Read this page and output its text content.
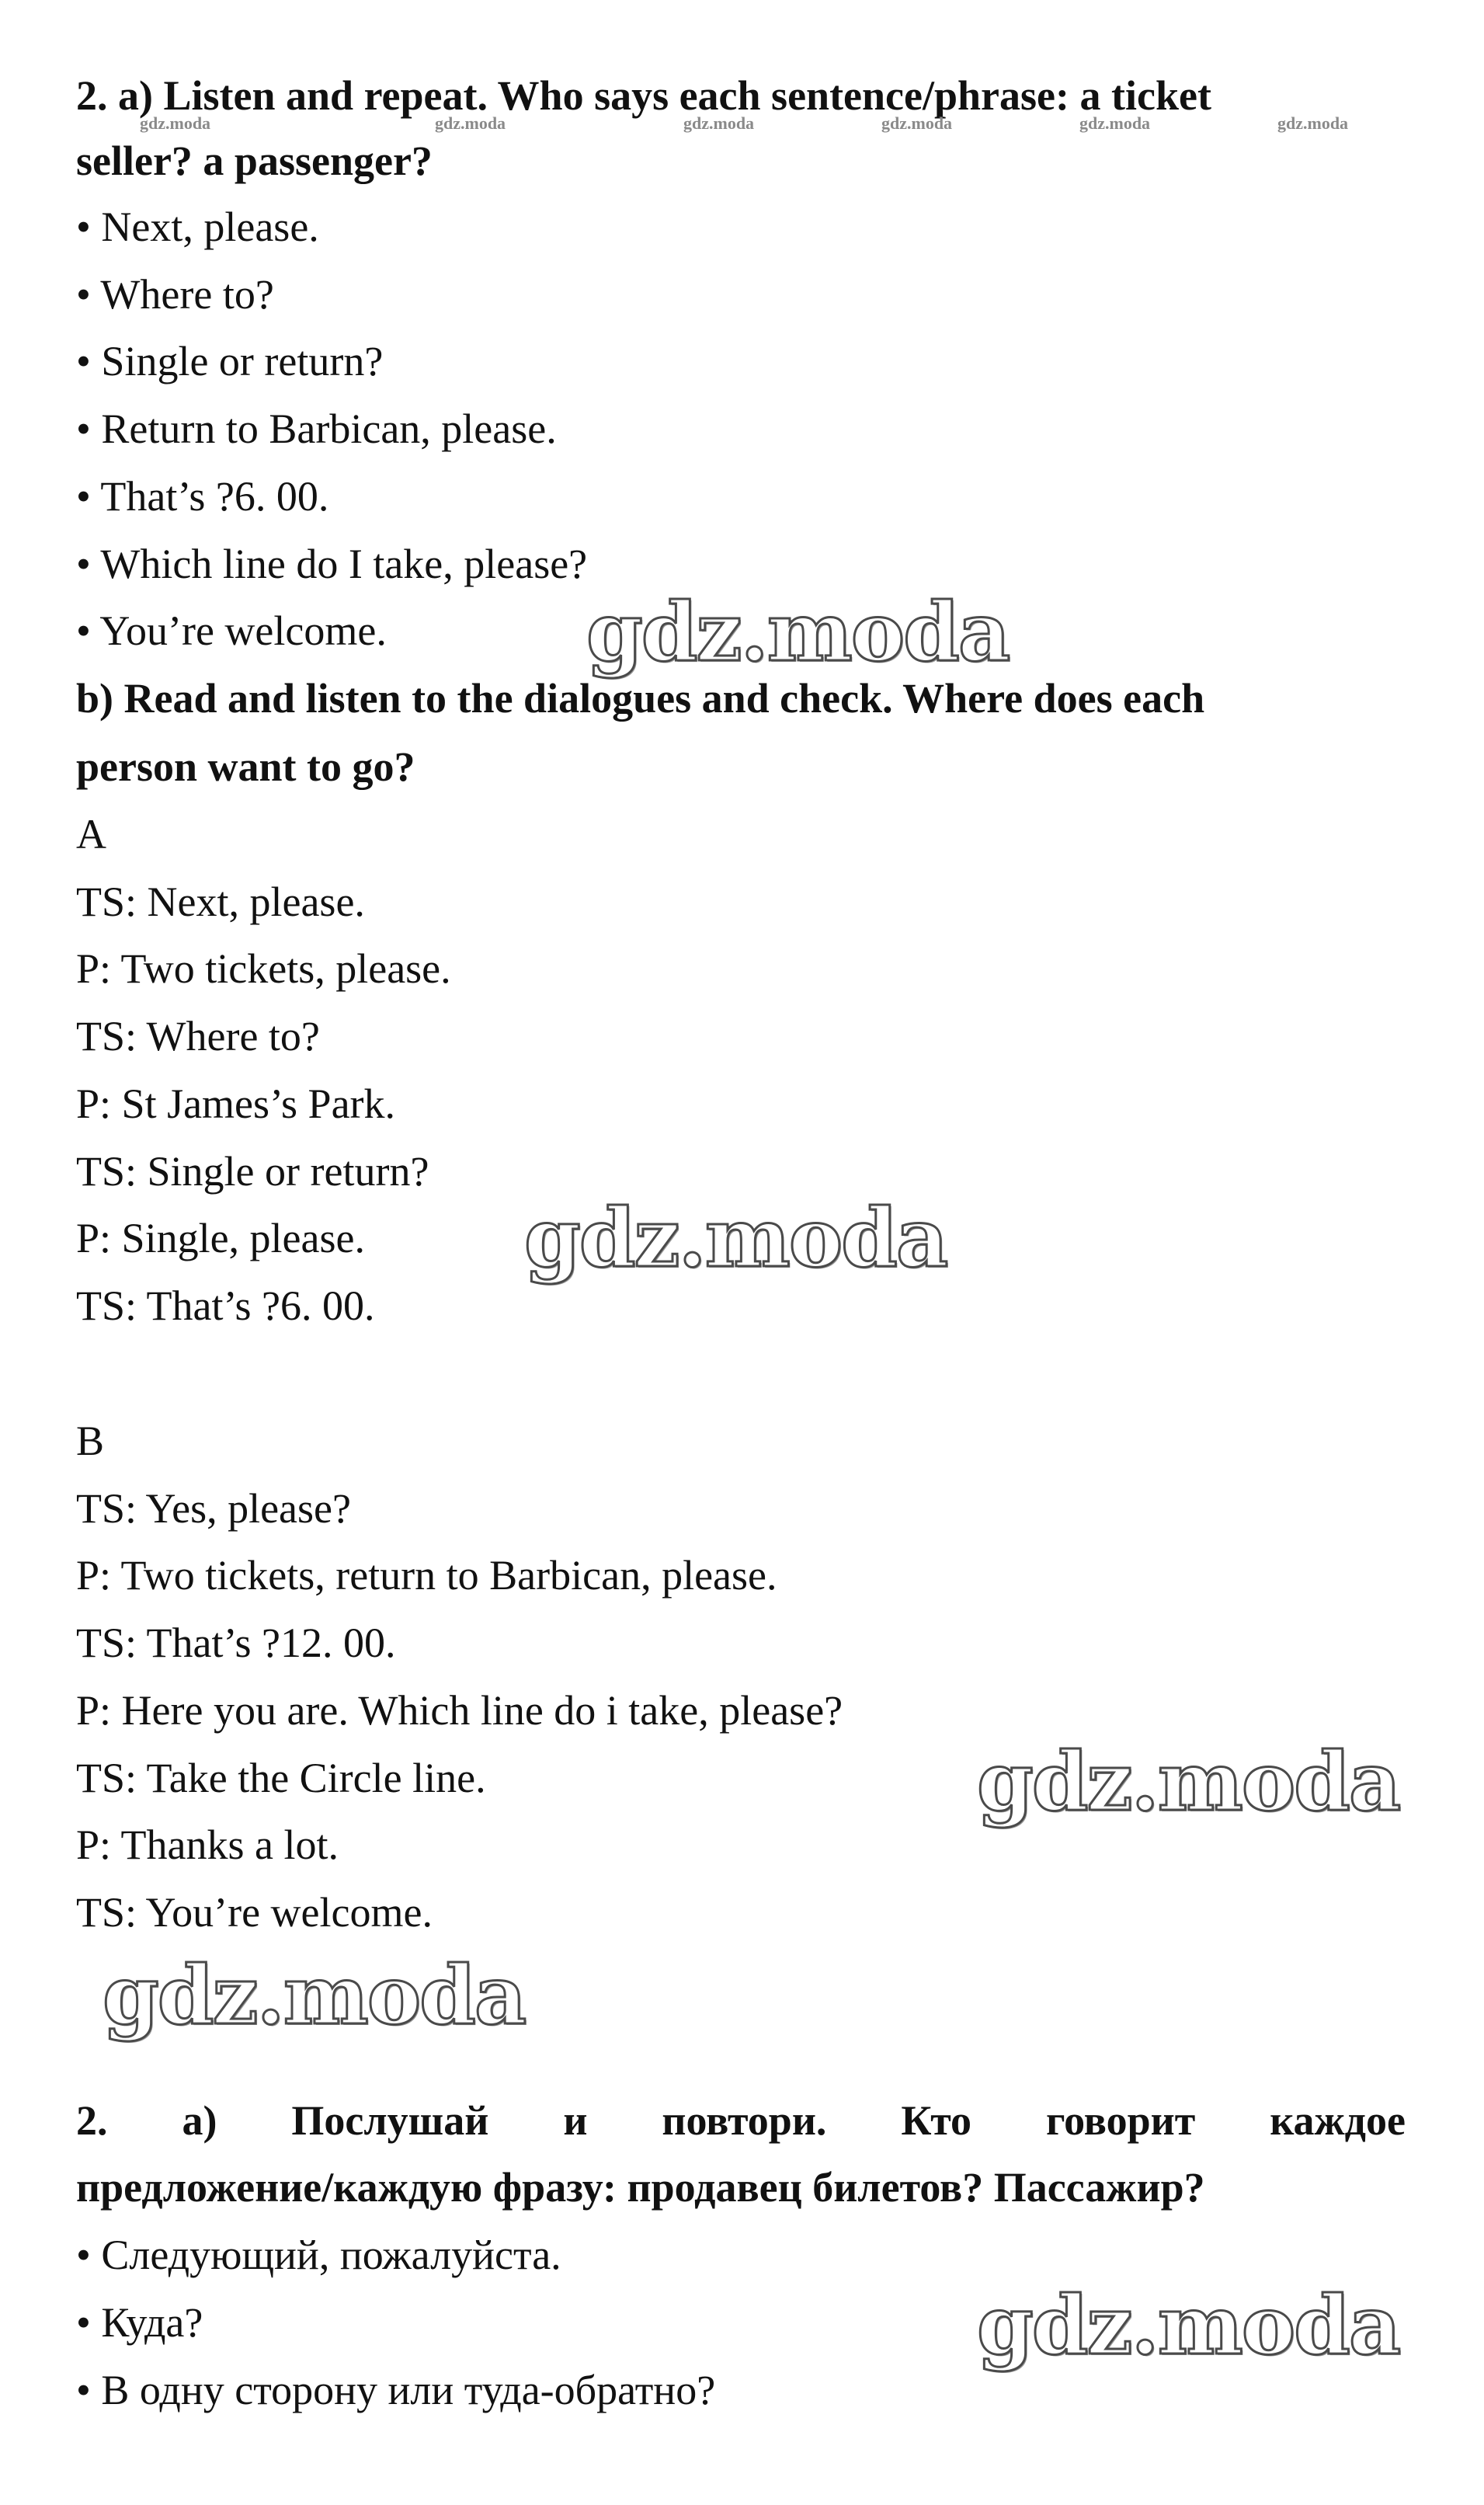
2. a) Listen and repeat. Who says each sentence/phrase: a ticket
seller? a passenger?
gdz.moda	gdz.moda	gdz.moda	gdz.moda	gdz.moda	gdz.moda
• Next, please.
• Where to?
• Single or return?
• Return to Barbican, please.
• That’s ?6. 00.
• Which line do I take, please?
• You’re welcome. gdz.moda
b) Read and listen to the dialogues and check. Where does each
person want to go?
A
TS: Next, please.
P: Two tickets, please.
TS: Where to?
P: St James’s Park.
TS: Single or return?
P: Single, please.
TS: That’s ?6. 00.
gdz.moda
B
TS: Yes, please?
P: Two tickets, return to Barbican, please.
TS: That’s ?12. 00.
P: Here you are. Which line do i take, please?
TS: Take the Circle line.
P: Thanks a lot.
TS: You’re welcome.
gdz.moda
gdz.moda
2. а) Послушай и повтори. Кто говорит каждое
предложение/каждую фразу: продавец билетов? Пассажир?
• Следующий, пожалуйста.
• Куда?
• В одну сторону или туда-обратно?
gdz.moda
